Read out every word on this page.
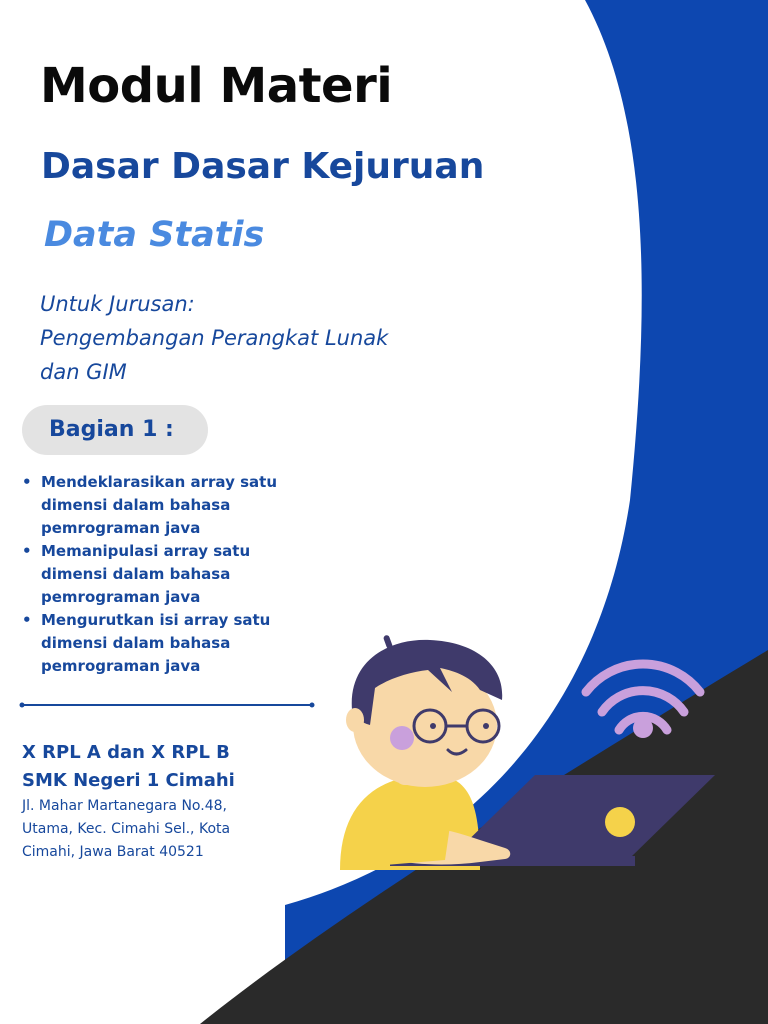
Modul Materi
Dasar Dasar Kejuruan
Data Statis
Untuk Jurusan:
Pengembangan Perangkat Lunak
dan GIM
Bagian 1 :
• Mendeklarasikan array satu
dimensi dalam bahasa
pemrograman java
• Memanipulasi array satu
dimensi dalam bahasa
pemrograman java
• Mengurutkan isi array satu
dimensi dalam bahasa
pemrograman java
X RPL A dan X RPL B
SMK Negeri 1 Cimahi
Jl. Mahar Martanegara No.48,
Utama, Kec. Cimahi Sel., Kota
Cimahi, Jawa Barat 40521
